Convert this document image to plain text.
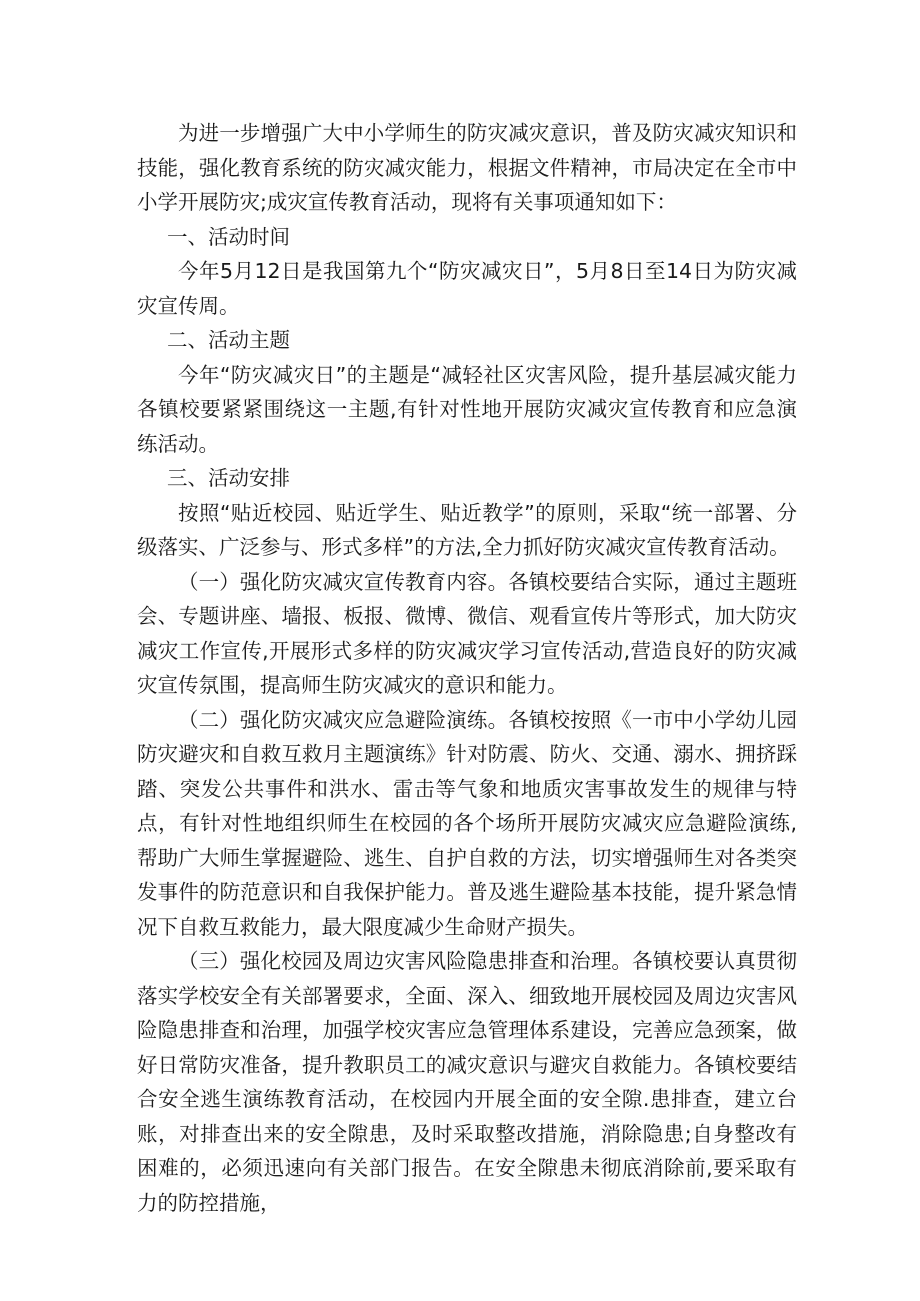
为进一步增强广大中小学师生的防灾减灾意识，普及防灾减灾知识和技能，强化教育系统的防灾减灾能力，根据文件精神，市局决定在全市中小学开展防灾;成灾宣传教育活动，现将有关事项通知如下：

一、活动时间

今年5月12日是我国第九个“防灾减灾日”，5月8日至14日为防灾减灾宣传周。

二、活动主题

今年“防灾减灾日”的主题是“减轻社区灾害风险，提升基层减灾能力各镇校要紧紧围绕这一主题,有针对性地开展防灾减灾宣传教育和应急演练活动。

三、活动安排

按照“贴近校园、贴近学生、贴近教学”的原则，采取“统一部署、分级落实、广泛参与、形式多样”的方法,全力抓好防灾减灾宣传教育活动。

（一）强化防灾减灾宣传教育内容。各镇校要结合实际，通过主题班会、专题讲座、墙报、板报、微博、微信、观看宣传片等形式，加大防灾减灾工作宣传,开展形式多样的防灾减灾学习宣传活动,营造良好的防灾减灾宣传氛围，提高师生防灾减灾的意识和能力。

（二）强化防灾减灾应急避险演练。各镇校按照《一市中小学幼儿园防灾避灾和自救互救月主题演练》针对防震、防火、交通、溺水、拥挤踩踏、突发公共事件和洪水、雷击等气象和地质灾害事故发生的规律与特点，有针对性地组织师生在校园的各个场所开展防灾减灾应急避险演练,帮助广大师生掌握避险、逃生、自护自救的方法，切实增强师生对各类突发事件的防范意识和自我保护能力。普及逃生避险基本技能，提升紧急情况下自救互救能力，最大限度减少生命财产损失。

（三）强化校园及周边灾害风险隐患排查和治理。各镇校要认真贯彻落实学校安全有关部署要求，全面、深入、细致地开展校园及周边灾害风险隐患排查和治理，加强学校灾害应急管理体系建设，完善应急颈案，做好日常防灾准备，提升教职员工的减灾意识与避灾自救能力。各镇校要结合安全逃生演练教育活动，在校园内开展全面的安全隙.患排查，建立台账，对排查出来的安全隙患，及时采取整改措施，消除隐患;自身整改有困难的，必须迅速向有关部门报告。在安全隙患未彻底消除前,要采取有力的防控措施，
